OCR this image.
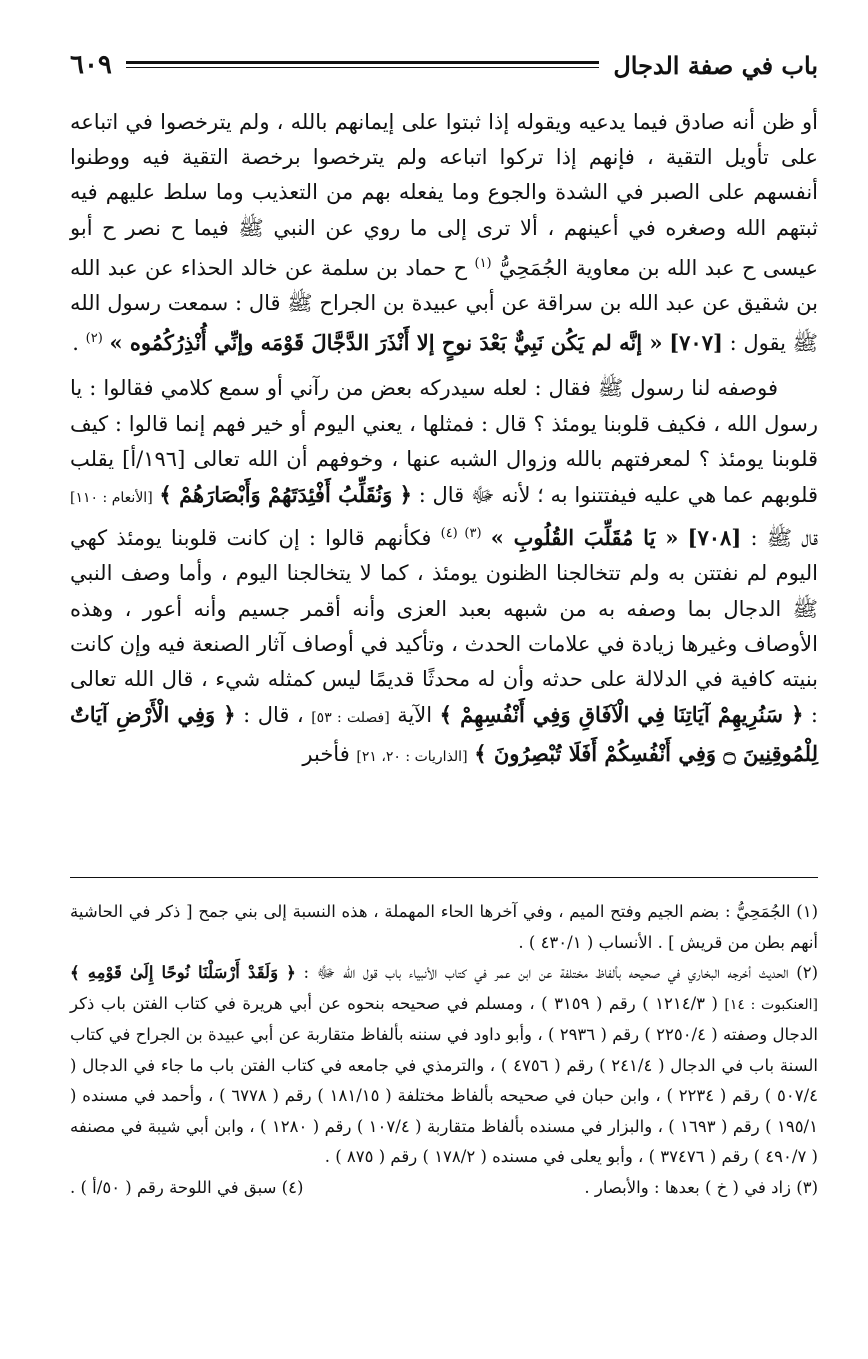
باب في صفة الدجال
٦٠٩

أو ظن أنه صادق فيما يدعيه ويقوله إذا ثبتوا على إيمانهم بالله ، ولم يترخصوا في اتباعه على تأويل التقية ، فإنهم إذا تركوا اتباعه ولم يترخصوا برخصة التقية فيه ووطنوا أنفسهم على الصبر في الشدة والجوع وما يفعله بهم من التعذيب وما سلط عليهم فيه ثبتهم الله وصغره في أعينهم ، ألا ترى إلى ما روي عن النبي ﷺ فيما ح نصر ح أبو عيسى ح عبد الله بن معاوية الجُمَحِيُّ $^{(١)}$ ح حماد بن سلمة عن خالد الحذاء عن عبد الله بن شقيق عن عبد الله بن سراقة عن أبي عبيدة بن الجراح ﷺ قال : سمعت رسول الله ﷺ يقول : [٧٠٧] « إنَّه لم يَكُن نَبِيٌّ بَعْدَ نوحٍ إلا أَنْذَرَ الدَّجَّالَ قَوْمَه وإنِّي أُنْذِرُكُمُوه » $^{(٢)}$ .

فوصفه لنا رسول ﷺ فقال : لعله سيدركه بعض من رآني أو سمع كلامي فقالوا : يا رسول الله ، فكيف قلوبنا يومئذ ؟ قال : فمثلها ، يعني اليوم أو خير فهم إنما قالوا : كيف قلوبنا يومئذ ؟ لمعرفتهم بالله وزوال الشبه عنها ، وخوفهم أن الله تعالى [١٩٦/أ] يقلب قلوبهم عما هي عليه فيفتتنوا به ؛ لأنه ﷻ قال : ﴿ وَنُقَلِّبُ أَفْئِدَتَهُمْ وَأَبْصَارَهُمْ ﴾ [الأنعام : ١١٠] قال ﷺ : [٧٠٨] « يَا مُقَلِّبَ القُلُوبِ » $^{(٣) (٤)}$ فكأنهم قالوا : إن كانت قلوبنا يومئذ كهي اليوم لم نفتتن به ولم تتخالجنا الظنون يومئذ ، كما لا يتخالجنا اليوم ، وأما وصف النبي ﷺ الدجال بما وصفه به من شبهه بعبد العزى وأنه أقمر جسيم وأنه أعور ، وهذه الأوصاف وغيرها زيادة في علامات الحدث ، وتأكيد في أوصاف آثار الصنعة فيه وإن كانت بنيته كافية في الدلالة على حدثه وأن له محدثًا قديمًا ليس كمثله شيء ، قال الله تعالى : ﴿ سَنُرِيهِمْ آيَاتِنَا فِي الْآفَاقِ وَفِي أَنْفُسِهِمْ ﴾ الآية [فصلت : ٥٣] ، قال : ﴿ وَفِي الْأَرْضِ آيَاتٌ لِلْمُوقِنِينَ ۝ وَفِي أَنْفُسِكُمْ أَفَلَا تُبْصِرُونَ ﴾ [الذاريات : ٢٠، ٢١] فأخبر

(١) الجُمَحِيُّ : بضم الجيم وفتح الميم ، وفي آخرها الحاء المهملة ، هذه النسبة إلى بني جمح [ ذكر في الحاشية أنهم بطن من قريش ] . الأنساب ( ٤٣٠/١ ) .

(٢) الحديث أخرجه البخاري في صحيحه بألفاظ مختلفة عن ابن عمر في كتاب الأنبياء باب قول الله ﷻ : ﴿ وَلَقَدْ أَرْسَلْنَا نُوحًا إِلَىٰ قَوْمِهِ ﴾ [العنكبوت : ١٤] ( ١٢١٤/٣ ) رقم ( ٣١٥٩ ) ، ومسلم في صحيحه بنحوه عن أبي هريرة في كتاب الفتن باب ذكر الدجال وصفته ( ٢٢٥٠/٤ ) رقم ( ٢٩٣٦ ) ، وأبو داود في سننه بألفاظ متقاربة عن أبي عبيدة بن الجراح في كتاب السنة باب في الدجال ( ٢٤١/٤ ) رقم ( ٤٧٥٦ ) ، والترمذي في جامعه في كتاب الفتن باب ما جاء في الدجال ( ٥٠٧/٤ ) رقم ( ٢٢٣٤ ) ، وابن حبان في صحيحه بألفاظ مختلفة ( ١٨١/١٥ ) رقم ( ٦٧٧٨ ) ، وأحمد في مسنده ( ١٩٥/١ ) رقم ( ١٦٩٣ ) ، والبزار في مسنده بألفاظ متقاربة ( ١٠٧/٤ ) رقم ( ١٢٨٠ ) ، وابن أبي شيبة في مصنفه ( ٤٩٠/٧ ) رقم ( ٣٧٤٧٦ ) ، وأبو يعلى في مسنده ( ١٧٨/٢ ) رقم ( ٨٧٥ ) .

(٣) زاد في ( خ ) بعدها : والأبصار .
(٤) سبق في اللوحة رقم ( ٥٠/أ ) .
